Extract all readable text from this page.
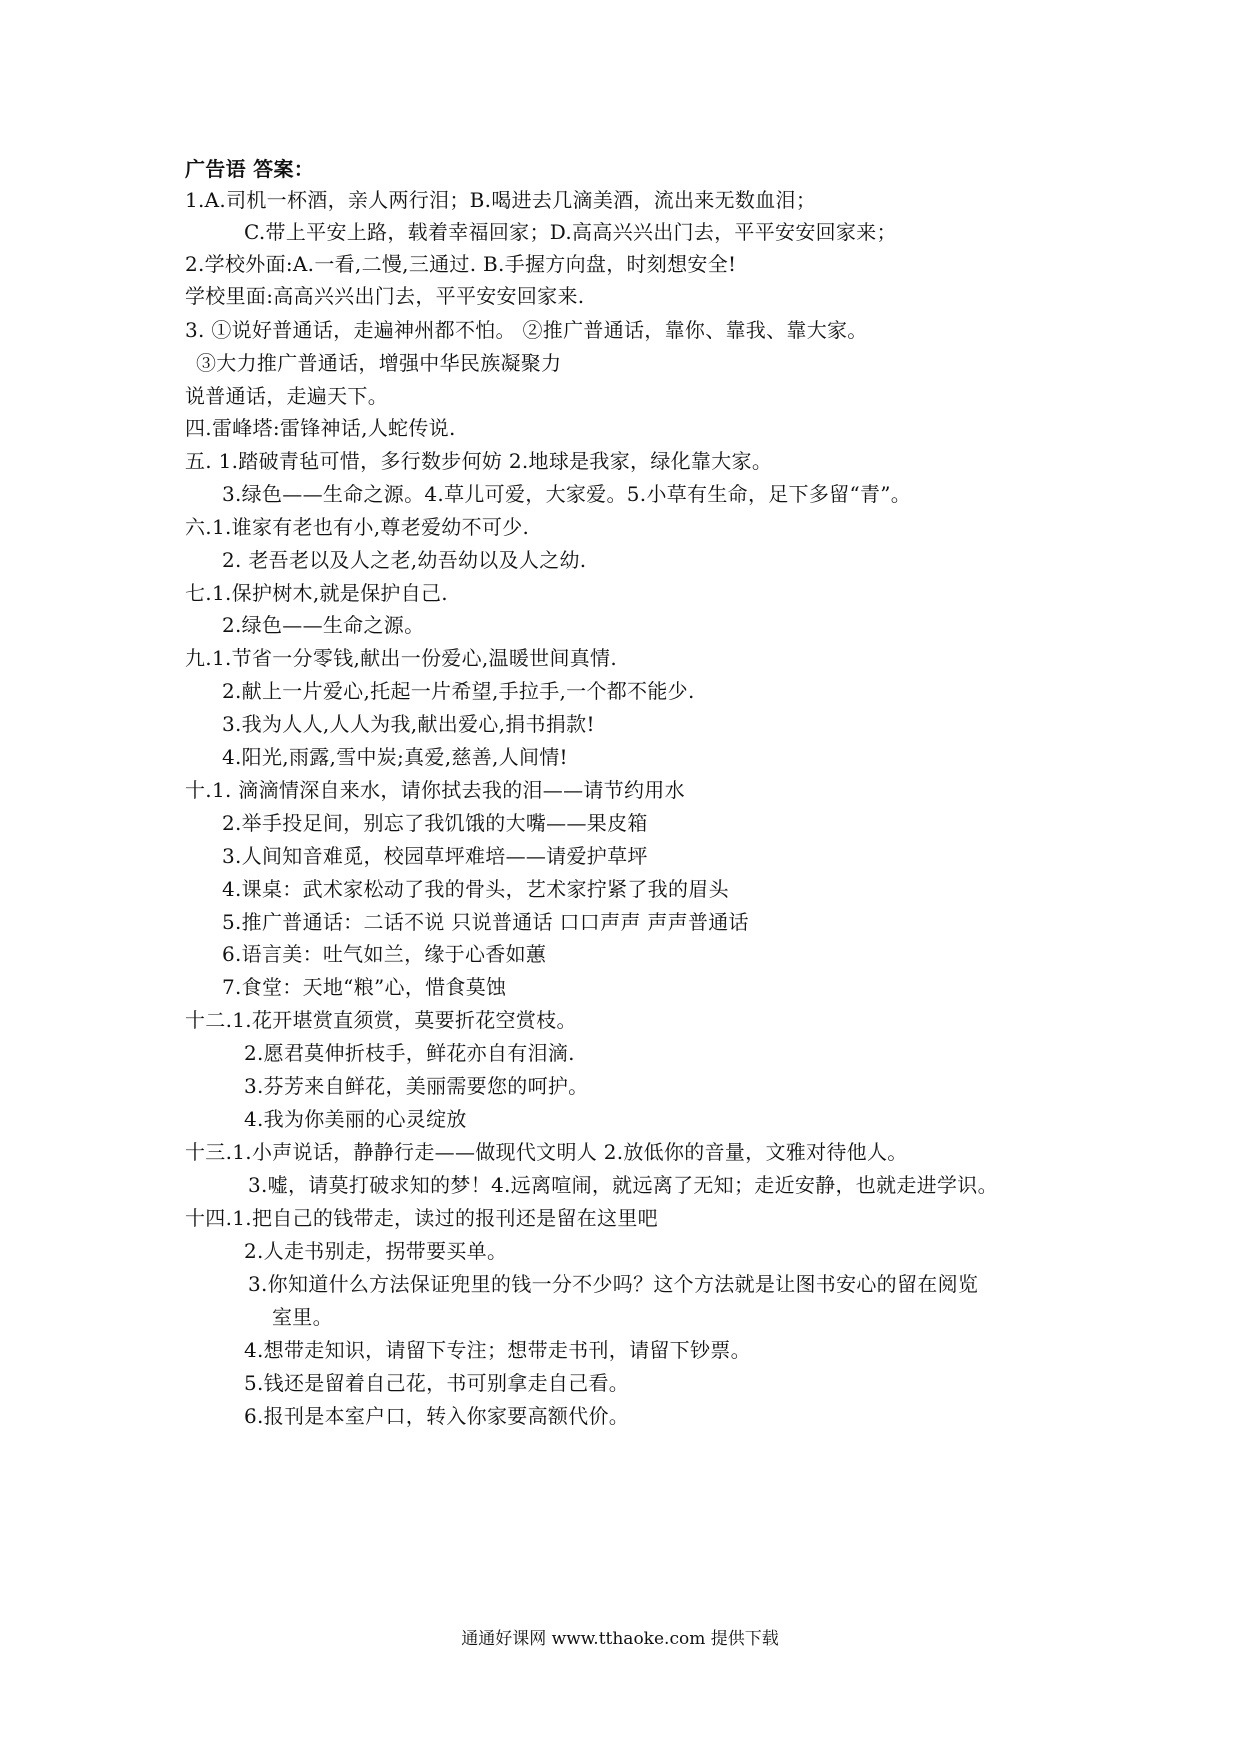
广告语 答案：
1.A.司机一杯酒，亲人两行泪；B.喝进去几滴美酒，流出来无数血泪；
C.带上平安上路，载着幸福回家；D.高高兴兴出门去，平平安安回家来；
2.学校外面:A.一看,二慢,三通过. B.手握方向盘，时刻想安全!
学校里面:高高兴兴出门去，平平安安回家来.
3. ①说好普通话，走遍神州都不怕。 ②推广普通话，靠你、靠我、靠大家。
③大力推广普通话，增强中华民族凝聚力
说普通话，走遍天下。
四.雷峰塔:雷锋神话,人蛇传说.
五. 1.踏破青毡可惜，多行数步何妨 2.地球是我家，绿化靠大家。
3.绿色——生命之源。4.草儿可爱，大家爱。5.小草有生命，足下多留“青”。
六.1.谁家有老也有小,尊老爱幼不可少.
2. 老吾老以及人之老,幼吾幼以及人之幼.
七.1.保护树木,就是保护自己.
2.绿色——生命之源。
九.1.节省一分零钱,献出一份爱心,温暖世间真情.
2.献上一片爱心,托起一片希望,手拉手,一个都不能少.
3.我为人人,人人为我,献出爱心,捐书捐款!
4.阳光,雨露,雪中炭;真爱,慈善,人间情!
十.1. 滴滴情深自来水，请你拭去我的泪——请节约用水
2.举手投足间，别忘了我饥饿的大嘴——果皮箱
3.人间知音难觅，校园草坪难培——请爱护草坪
4.课桌：武术家松动了我的骨头，艺术家拧紧了我的眉头
5.推广普通话：二话不说 只说普通话 口口声声 声声普通话
6.语言美：吐气如兰，缘于心香如蕙
7.食堂：天地“粮”心，惜食莫蚀
十二.1.花开堪赏直须赏，莫要折花空赏枝。
2.愿君莫伸折枝手，鲜花亦自有泪滴.
3.芬芳来自鲜花，美丽需要您的呵护。
4.我为你美丽的心灵绽放
十三.1.小声说话，静静行走——做现代文明人 2.放低你的音量，文雅对待他人。
3.嘘，请莫打破求知的梦！4.远离喧闹，就远离了无知；走近安静，也就走进学识。
十四.1.把自己的钱带走，读过的报刊还是留在这里吧
2.人走书别走，拐带要买单。
3.你知道什么方法保证兜里的钱一分不少吗？这个方法就是让图书安心的留在阅览
室里。
4.想带走知识，请留下专注；想带走书刊，请留下钞票。
5.钱还是留着自己花，书可别拿走自己看。
6.报刊是本室户口，转入你家要高额代价。
通通好课网 www.tthaoke.com 提供下载
